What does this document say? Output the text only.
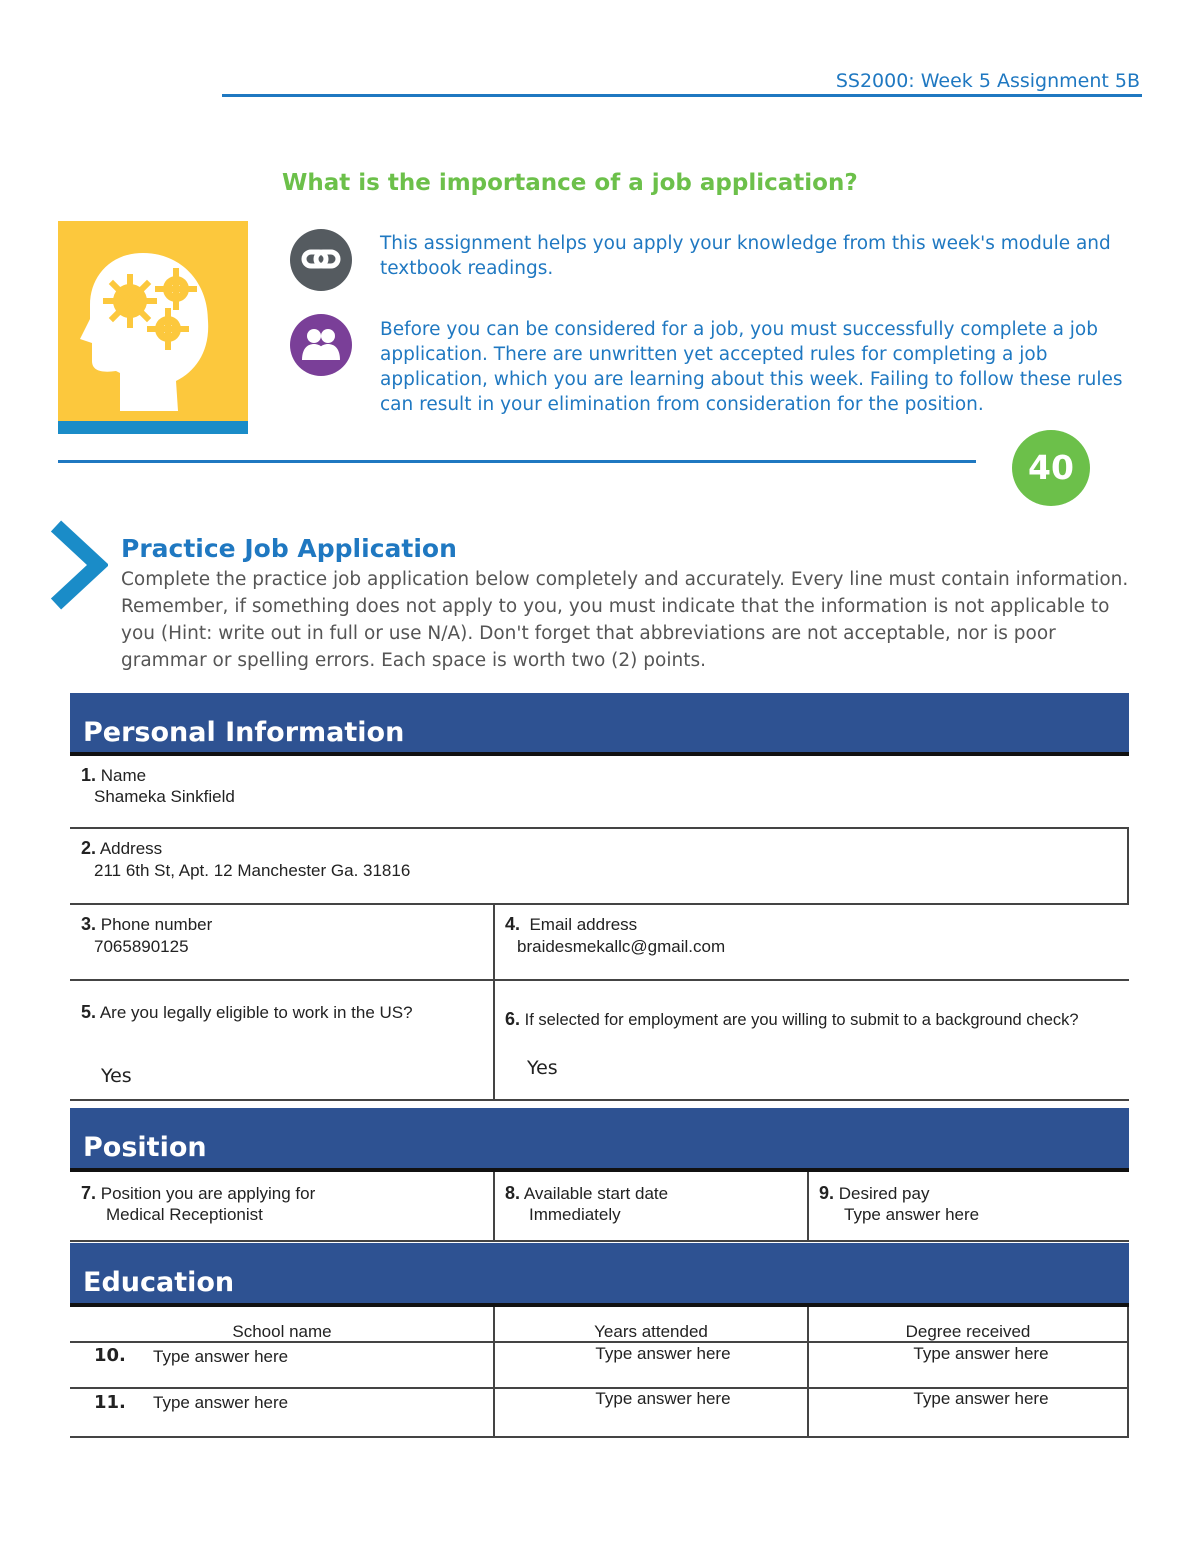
SS2000: Week 5 Assignment 5B
What is the importance of a job application?
This assignment helps you apply your knowledge from this week's module and textbook readings.
Before you can be considered for a job, you must successfully complete a job application. There are unwritten yet accepted rules for completing a job application, which you are learning about this week. Failing to follow these rules can result in your elimination from consideration for the position.
40
Practice Job Application
Complete the practice job application below completely and accurately. Every line must contain information. Remember, if something does not apply to you, you must indicate that the information is not applicable to you (Hint: write out in full or use N/A). Don't forget that abbreviations are not acceptable, nor is poor grammar or spelling errors. Each space is worth two (2) points.
Personal Information
1. Name
Shameka Sinkfield
2. Address
211 6th St, Apt. 12 Manchester Ga. 31816
3. Phone number
7065890125
4. Email address
braidesmekallc@gmail.com
5. Are you legally eligible to work in the US?
Yes
6. If selected for employment are you willing to submit to a background check?
Yes
Position
7. Position you are applying for
Medical Receptionist
8. Available start date
Immediately
9. Desired pay
Type answer here
Education
School name	Years attended	Degree received
10. Type answer here	Type answer here	Type answer here
11. Type answer here	Type answer here	Type answer here
